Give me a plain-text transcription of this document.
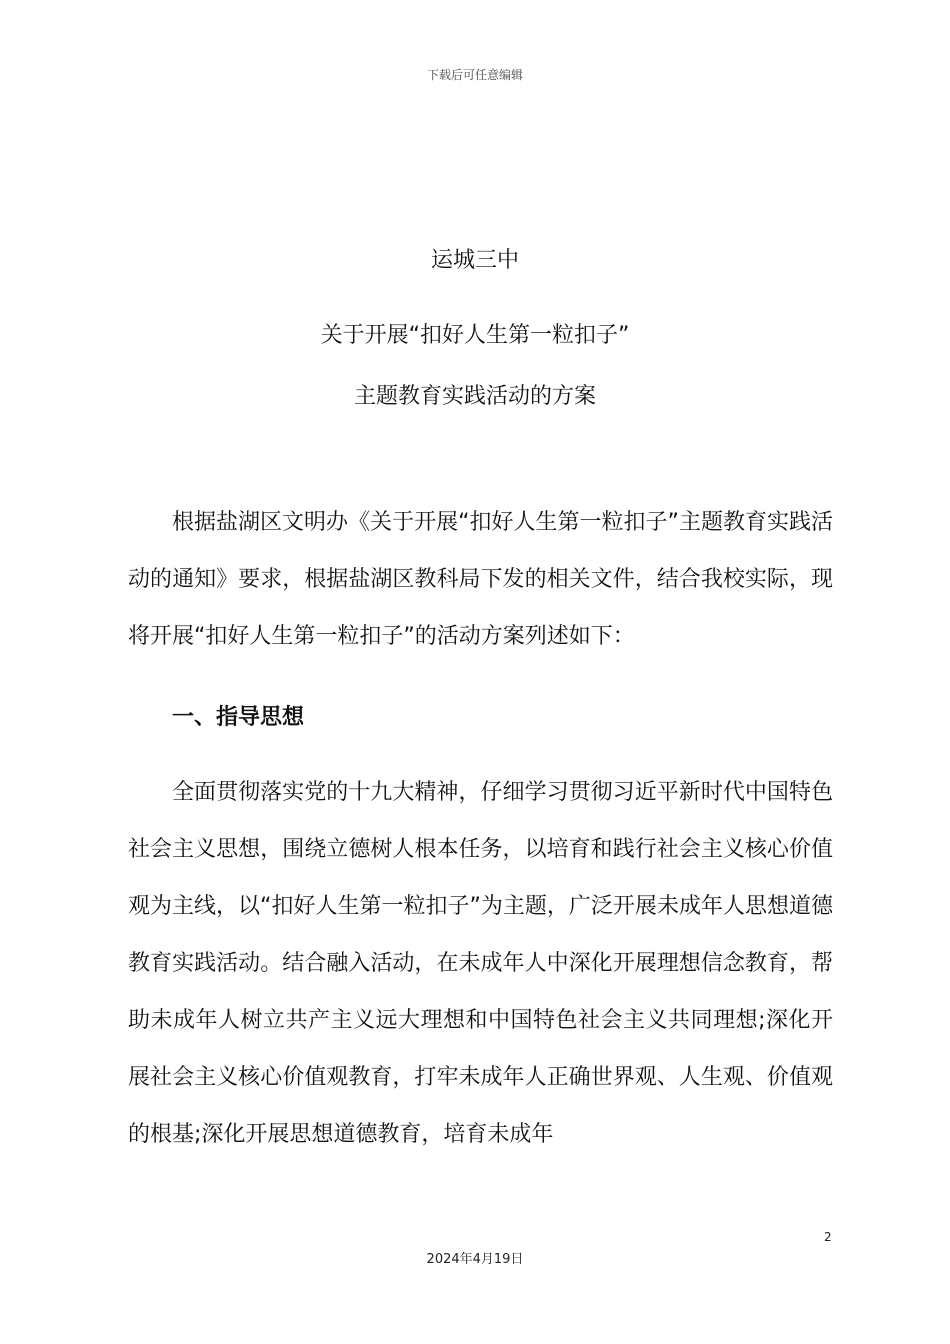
下载后可任意编辑
运城三中
关于开展“扣好人生第一粒扣子”
主题教育实践活动的方案
根据盐湖区文明办《关于开展“扣好人生第一粒扣子”主题教育实践活动的通知》要求，根据盐湖区教科局下发的相关文件，结合我校实际，现将开展“扣好人生第一粒扣子”的活动方案列述如下：
一、指导思想
全面贯彻落实党的十九大精神，仔细学习贯彻习近平新时代中国特色社会主义思想，围绕立德树人根本任务，以培育和践行社会主义核心价值观为主线，以“扣好人生第一粒扣子”为主题，广泛开展未成年人思想道德教育实践活动。结合融入活动，在未成年人中深化开展理想信念教育，帮助未成年人树立共产主义远大理想和中国特色社会主义共同理想;深化开展社会主义核心价值观教育，打牢未成年人正确世界观、人生观、价值观的根基;深化开展思想道德教育，培育未成年
2
2024年4月19日
